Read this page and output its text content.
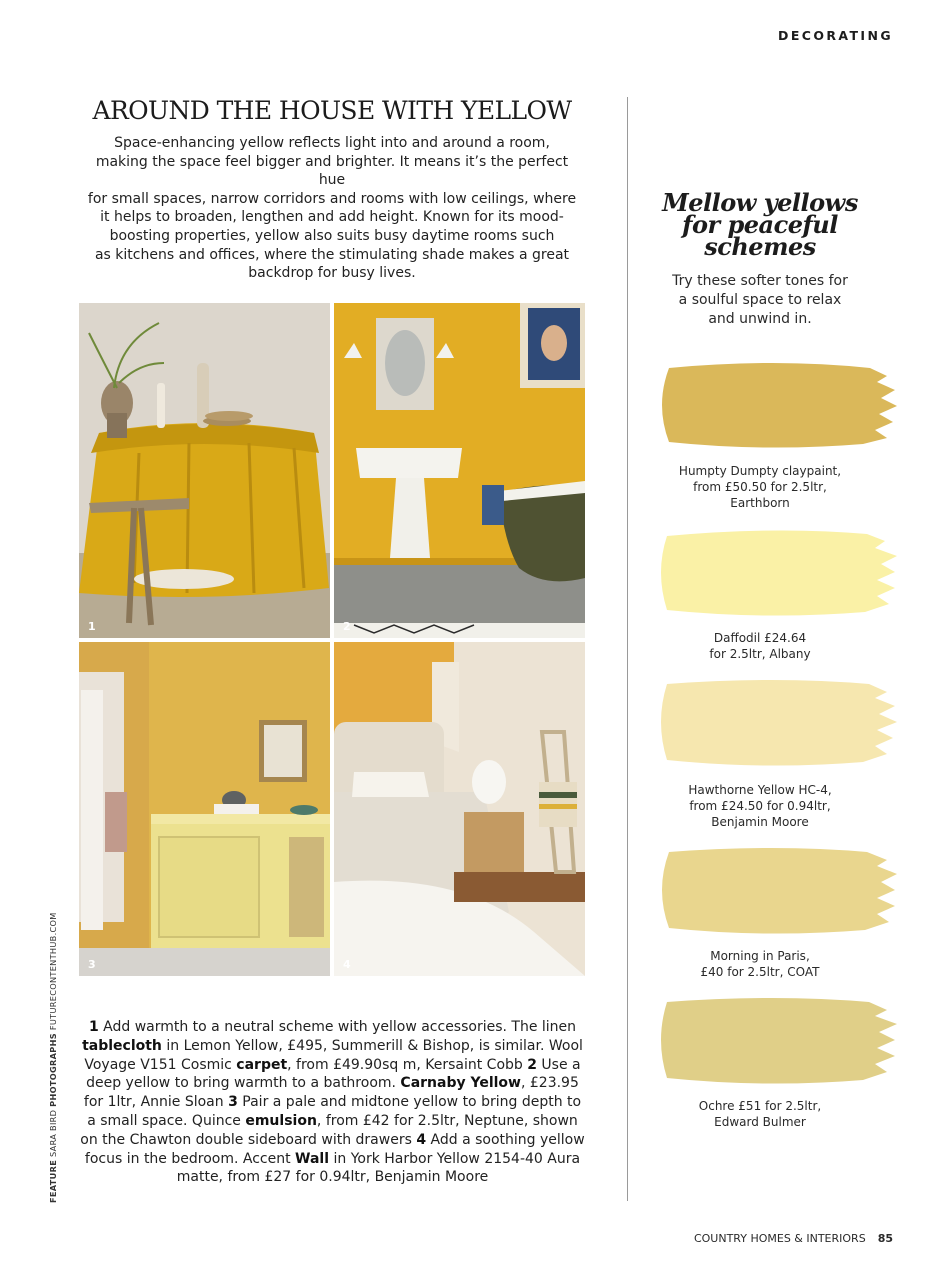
DECORATING
AROUND THE HOUSE WITH YELLOW

Space-enhancing yellow reflects light into and around a room,
making the space feel bigger and brighter. It means it’s the perfect hue
for small spaces, narrow corridors and rooms with low ceilings, where
it helps to broaden, lengthen and add height. Known for its mood-
boosting properties, yellow also suits busy daytime rooms such
as kitchens and offices, where the stimulating shade makes a great
backdrop for busy lives.

1	2
3	4

1 Add warmth to a neutral scheme with yellow accessories. The linen tablecloth in Lemon Yellow, £495, Summerill & Bishop, is similar. Wool Voyage V151 Cosmic carpet, from £49.90sq m, Kersaint Cobb 2 Use a deep yellow to bring warmth to a bathroom. Carnaby Yellow, £23.95 for 1ltr, Annie Sloan 3 Pair a pale and midtone yellow to bring depth to a small space. Quince emulsion, from £42 for 2.5ltr, Neptune, shown on the Chawton double sideboard with drawers 4 Add a soothing yellow focus in the bedroom. Accent Wall in York Harbor Yellow 2154-40 Aura matte, from £27 for 0.94ltr, Benjamin Moore

FEATURE SARA BIRD PHOTOGRAPHS FUTURECONTENTHUB.COM
Mellow yellows
for peaceful
schemes

Try these softer tones for
a soulful space to relax
and unwind in.

Humpty Dumpty claypaint,
from £50.50 for 2.5ltr,
Earthborn
Daffodil £24.64
for 2.5ltr, Albany
Hawthorne Yellow HC-4,
from £24.50 for 0.94ltr,
Benjamin Moore
Morning in Paris,
£40 for 2.5ltr, COAT
Ochre £51 for 2.5ltr,
Edward Bulmer
COUNTRY HOMES & INTERIORS 85
